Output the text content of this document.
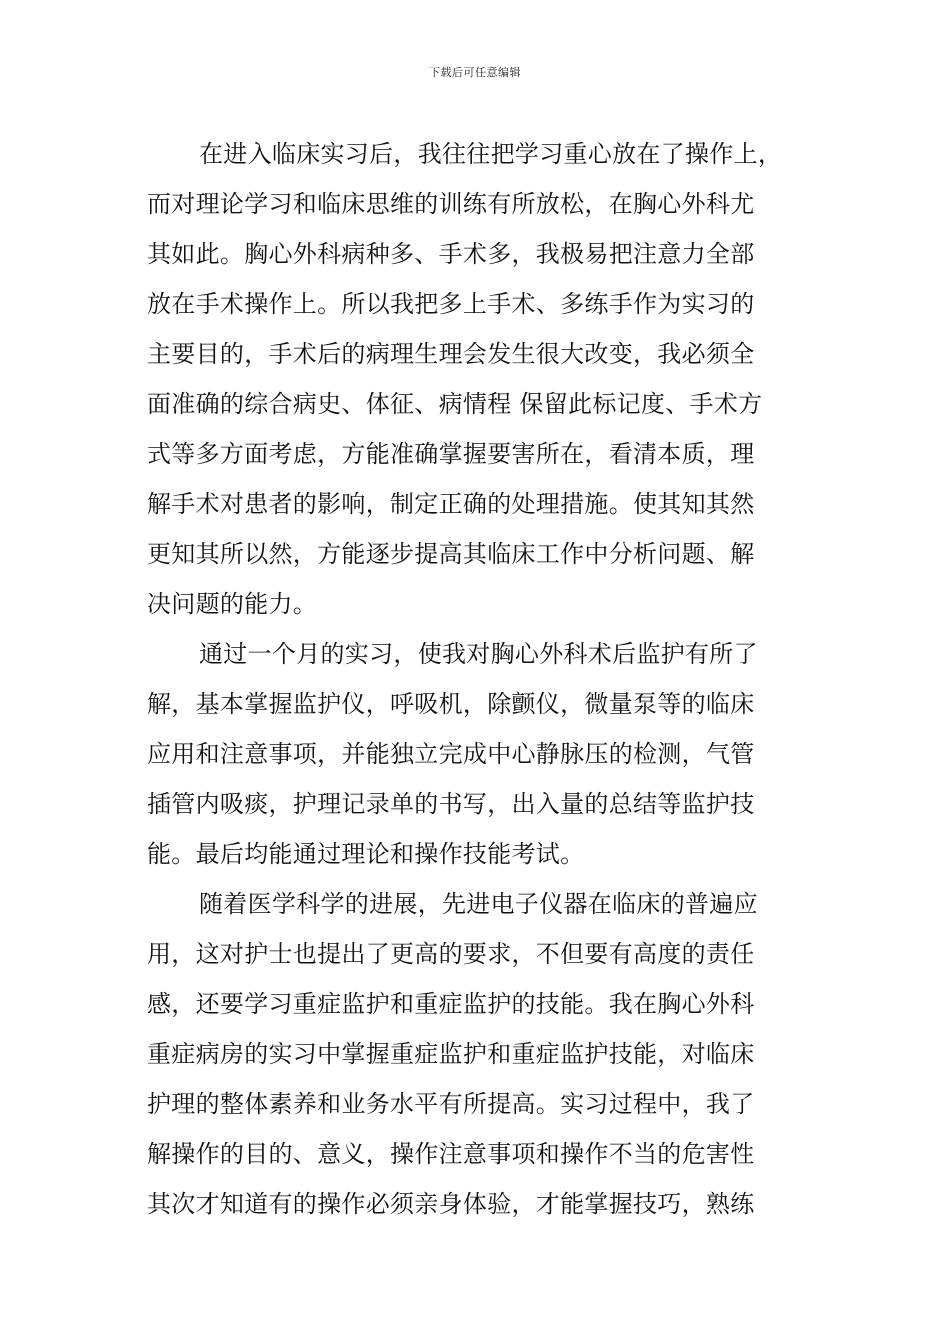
下载后可任意编辑
在进入临床实习后，我往往把学习重心放在了操作上，
而对理论学习和临床思维的训练有所放松，在胸心外科尤
其如此。胸心外科病种多、手术多，我极易把注意力全部
放在手术操作上。所以我把多上手术、多练手作为实习的
主要目的，手术后的病理生理会发生很大改变，我必须全
面准确的综合病史、体征、病情程 保留此标记度、手术方
式等多方面考虑，方能准确掌握要害所在，看清本质，理
解手术对患者的影响，制定正确的处理措施。使其知其然
更知其所以然，方能逐步提高其临床工作中分析问题、解
决问题的能力。
通过一个月的实习，使我对胸心外科术后监护有所了
解，基本掌握监护仪，呼吸机，除颤仪，微量泵等的临床
应用和注意事项，并能独立完成中心静脉压的检测，气管
插管内吸痰，护理记录单的书写，出入量的总结等监护技
能。最后均能通过理论和操作技能考试。
随着医学科学的进展，先进电子仪器在临床的普遍应
用，这对护士也提出了更高的要求，不但要有高度的责任
感，还要学习重症监护和重症监护的技能。我在胸心外科
重症病房的实习中掌握重症监护和重症监护技能，对临床
护理的整体素养和业务水平有所提高。实习过程中，我了
解操作的目的、意义，操作注意事项和操作不当的危害性
其次才知道有的操作必须亲身体验，才能掌握技巧，熟练
